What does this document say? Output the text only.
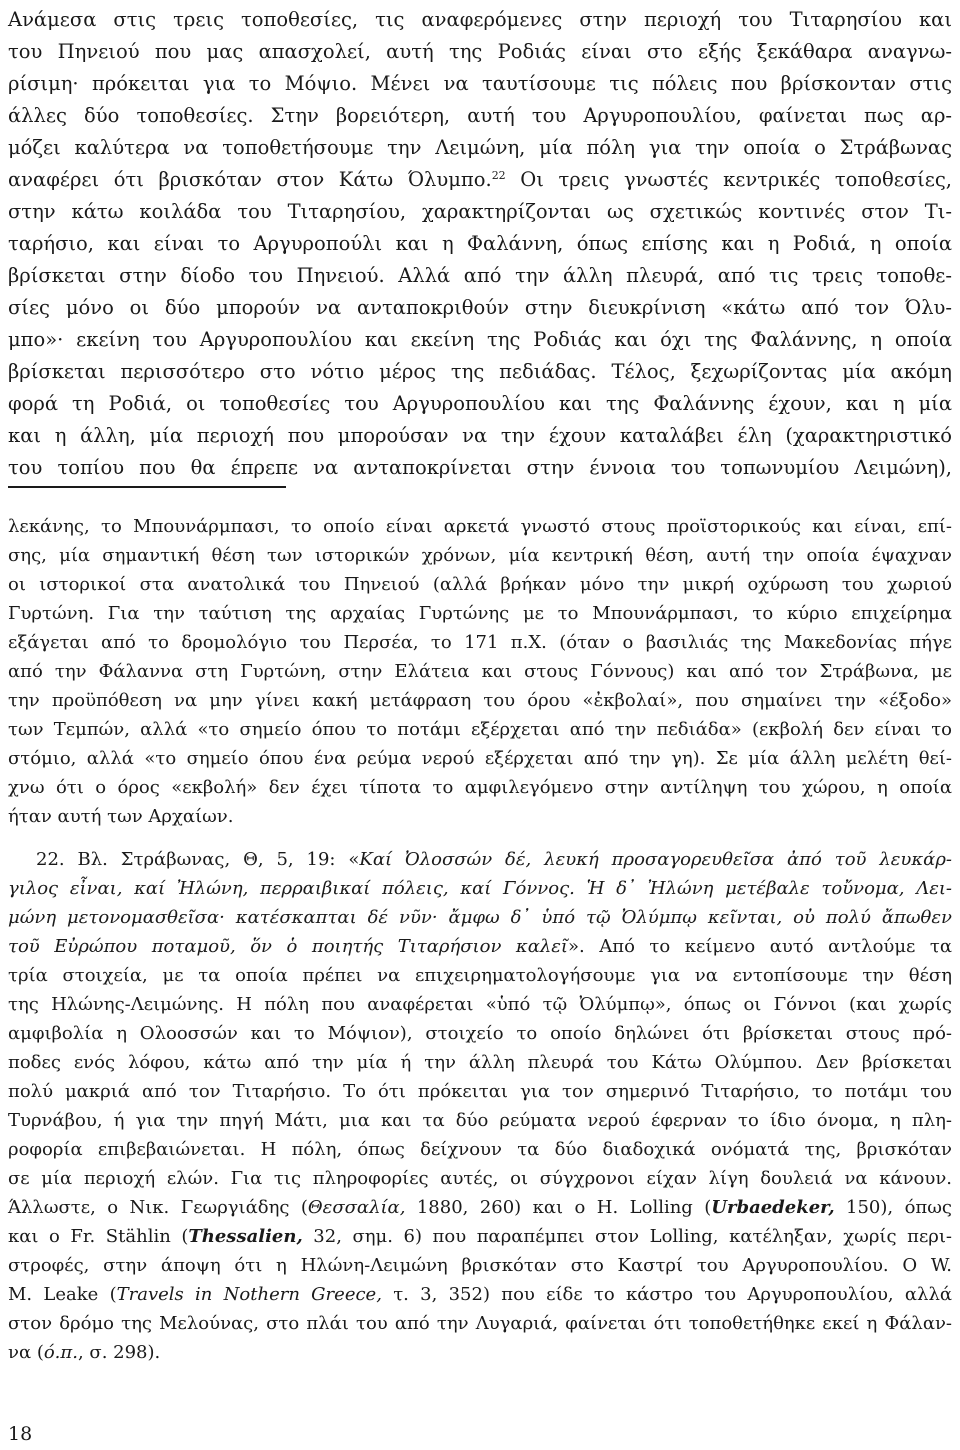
Ανάμεσα στις τρεις τοποθεσίες, τις αναφερόμενες στην περιοχή του Τιταρησίου και
του Πηνειού που μας απασχολεί, αυτή της Ροδιάς είναι στο εξής ξεκάθαρα αναγνω-
ρίσιμη· πρόκειται για το Μόψιο. Μένει να ταυτίσουμε τις πόλεις που βρίσκονταν στις
άλλες δύο τοποθεσίες. Στην βορειότερη, αυτή του Αργυροπουλίου, φαίνεται πως αρ-
μόζει καλύτερα να τοποθετήσουμε την Λειμώνη, μία πόλη για την οποία ο Στράβωνας
αναφέρει ότι βρισκόταν στον Κάτω Όλυμπο.$^{22}$ Οι τρεις γνωστές κεντρικές τοποθεσίες,
στην κάτω κοιλάδα του Τιταρησίου, χαρακτηρίζονται ως σχετικώς κοντινές στον Τι-
ταρήσιο, και είναι το Αργυροπούλι και η Φαλάννη, όπως επίσης και η Ροδιά, η οποία
βρίσκεται στην δίοδο του Πηνειού. Αλλά από την άλλη πλευρά, από τις τρεις τοποθε-
σίες μόνο οι δύο μπορούν να ανταποκριθούν στην διευκρίνιση «κάτω από τον Όλυ-
μπο»· εκείνη του Αργυροπουλίου και εκείνη της Ροδιάς και όχι της Φαλάννης, η οποία
βρίσκεται περισσότερο στο νότιο μέρος της πεδιάδας. Τέλος, ξεχωρίζοντας μία ακόμη
φορά τη Ροδιά, οι τοποθεσίες του Αργυροπουλίου και της Φαλάννης έχουν, και η μία
και η άλλη, μία περιοχή που μπορούσαν να την έχουν καταλάβει έλη (χαρακτηριστικό
του τοπίου που θα έπρεπε να ανταποκρίνεται στην έννοια του τοπωνυμίου Λειμώνη),
λεκάνης, το Μπουνάρμπασι, το οποίο είναι αρκετά γνωστό στους προϊστορικούς και είναι, επί-
σης, μία σημαντική θέση των ιστορικών χρόνων, μία κεντρική θέση, αυτή την οποία έψαχναν
οι ιστορικοί στα ανατολικά του Πηνειού (αλλά βρήκαν μόνο την μικρή οχύρωση του χωριού
Γυρτώνη. Για την ταύτιση της αρχαίας Γυρτώνης με το Μπουνάρμπασι, το κύριο επιχείρημα
εξάγεται από το δρομολόγιο του Περσέα, το 171 π.Χ. (όταν ο βασιλιάς της Μακεδονίας πήγε
από την Φάλαννα στη Γυρτώνη, στην Ελάτεια και στους Γόννους) και από τον Στράβωνα, με
την προϋπόθεση να μην γίνει κακή μετάφραση του όρου «ἐκβολαί», που σημαίνει την «έξοδο»
των Τεμπών, αλλά «το σημείο όπου το ποτάμι εξέρχεται από την πεδιάδα» (εκβολή δεν είναι το
στόμιο, αλλά «το σημείο όπου ένα ρεύμα νερού εξέρχεται από την γη). Σε μία άλλη μελέτη θεί-
χνω ότι ο όρος «εκβολή» δεν έχει τίποτα το αμφιλεγόμενο στην αντίληψη του χώρου, η οποία
ήταν αυτή των Αρχαίων.
22. Βλ. Στράβωνας, Θ, 5, 19: «Καί Ὀλοσσών δέ, λευκή προσαγορευθεῖσα ἀπό τοῦ λευκάρ-
γιλος εἶναι, καί Ἠλώνη, περραιβικαί πόλεις, καί Γόννος. Ἡ δ᾽ Ἠλώνη μετέβαλε τοὔνομα, Λει-
μώνη μετονομασθεῖσα· κατέσκαπται δέ νῦν· ἄμφω δ᾽ ὑπό τῷ Ὀλύμπῳ κεῖνται, οὐ πολύ ἄπωθεν
τοῦ Εὐρώπου ποταμοῦ, ὅν ὁ ποιητής Τιταρήσιον καλεῖ». Από το κείμενο αυτό αντλούμε τα
τρία στοιχεία, με τα οποία πρέπει να επιχειρηματολογήσουμε για να εντοπίσουμε την θέση
της Ηλώνης-Λειμώνης. Η πόλη που αναφέρεται «ὑπό τῷ Ὀλύμπῳ», όπως οι Γόννοι (και χωρίς
αμφιβολία η Ολοοσσών και το Μόψιον), στοιχείο το οποίο δηλώνει ότι βρίσκεται στους πρό-
ποδες ενός λόφου, κάτω από την μία ή την άλλη πλευρά του Κάτω Ολύμπου. Δεν βρίσκεται
πολύ μακριά από τον Τιταρήσιο. Το ότι πρόκειται για τον σημερινό Τιταρήσιο, το ποτάμι του
Τυρνάβου, ή για την πηγή Μάτι, μια και τα δύο ρεύματα νερού έφερναν το ίδιο όνομα, η πλη-
ροφορία επιβεβαιώνεται. Η πόλη, όπως δείχνουν τα δύο διαδοχικά ονόματά της, βρισκόταν
σε μία περιοχή ελών. Για τις πληροφορίες αυτές, οι σύγχρονοι είχαν λίγη δουλειά να κάνουν.
Άλλωστε, ο Νικ. Γεωργιάδης (Θεσσαλία, 1880, 260) και ο H. Lolling (Urbaedeker, 150), όπως
και ο Fr. Stählin (Thessalien, 32, σημ. 6) που παραπέμπει στον Lolling, κατέληξαν, χωρίς περι-
στροφές, στην άποψη ότι η Ηλώνη-Λειμώνη βρισκόταν στο Καστρί του Αργυροπουλίου. Ο W.
M. Leake (Travels in Nothern Greece, τ. 3, 352) που είδε το κάστρο του Αργυροπουλίου, αλλά
στον δρόμο της Μελούνας, στο πλάι του από την Λυγαριά, φαίνεται ότι τοποθετήθηκε εκεί η Φάλαν-
να (ό.π., σ. 298).
18
